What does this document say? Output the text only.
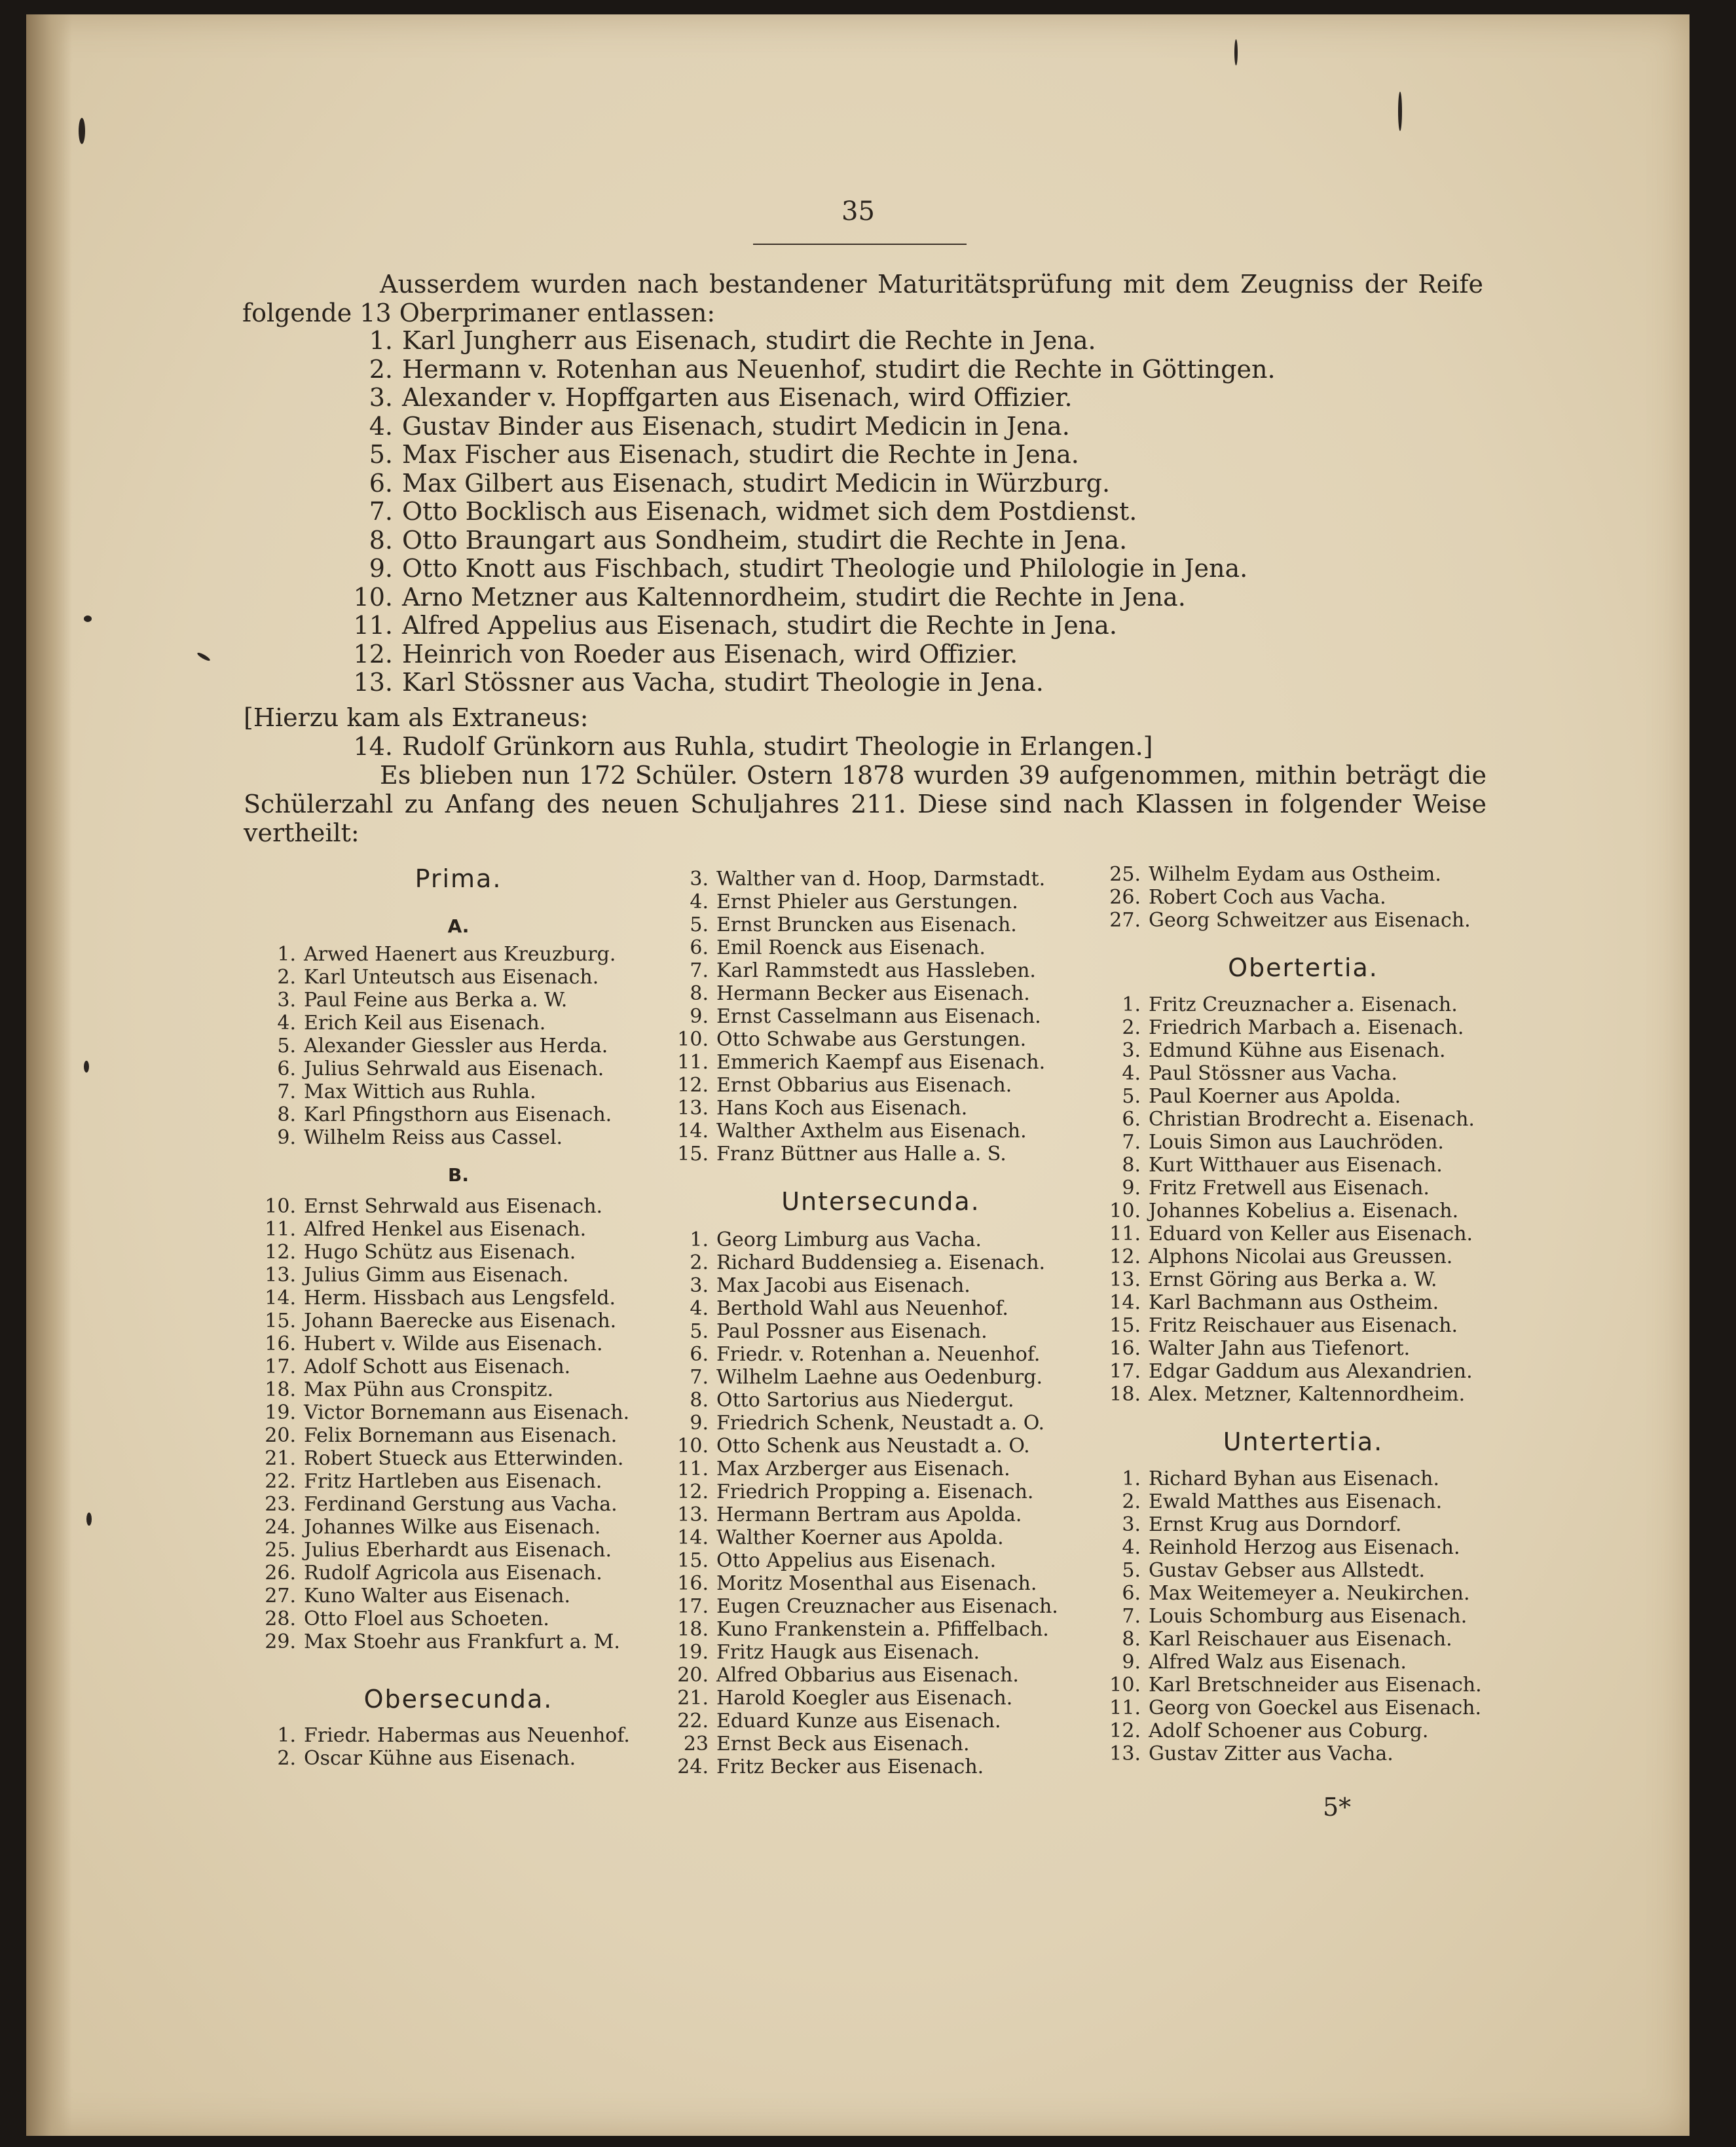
35
Ausserdem wurden nach bestandener Maturitätsprüfung mit dem Zeugniss der Reife
folgende 13 Oberprimaner entlassen:
1. Karl Jungherr aus Eisenach, studirt die Rechte in Jena.
2. Hermann v. Rotenhan aus Neuenhof, studirt die Rechte in Göttingen.
3. Alexander v. Hopffgarten aus Eisenach, wird Offizier.
4. Gustav Binder aus Eisenach, studirt Medicin in Jena.
5. Max Fischer aus Eisenach, studirt die Rechte in Jena.
6. Max Gilbert aus Eisenach, studirt Medicin in Würzburg.
7. Otto Bocklisch aus Eisenach, widmet sich dem Postdienst.
8. Otto Braungart aus Sondheim, studirt die Rechte in Jena.
9. Otto Knott aus Fischbach, studirt Theologie und Philologie in Jena.
10. Arno Metzner aus Kaltennordheim, studirt die Rechte in Jena.
11. Alfred Appelius aus Eisenach, studirt die Rechte in Jena.
12. Heinrich von Roeder aus Eisenach, wird Offizier.
13. Karl Stössner aus Vacha, studirt Theologie in Jena.
[Hierzu kam als Extraneus:
14. Rudolf Grünkorn aus Ruhla, studirt Theologie in Erlangen.]
Es blieben nun 172 Schüler. Ostern 1878 wurden 39 aufgenommen, mithin beträgt die
Schülerzahl zu Anfang des neuen Schuljahres 211. Diese sind nach Klassen in folgender Weise
vertheilt:
Prima.
A.
1. Arwed Haenert aus Kreuzburg.
2. Karl Unteutsch aus Eisenach.
3. Paul Feine aus Berka a. W.
4. Erich Keil aus Eisenach.
5. Alexander Giessler aus Herda.
6. Julius Sehrwald aus Eisenach.
7. Max Wittich aus Ruhla.
8. Karl Pfingsthorn aus Eisenach.
9. Wilhelm Reiss aus Cassel.
B.
10. Ernst Sehrwald aus Eisenach.
11. Alfred Henkel aus Eisenach.
12. Hugo Schütz aus Eisenach.
13. Julius Gimm aus Eisenach.
14. Herm. Hissbach aus Lengsfeld.
15. Johann Baerecke aus Eisenach.
16. Hubert v. Wilde aus Eisenach.
17. Adolf Schott aus Eisenach.
18. Max Pühn aus Cronspitz.
19. Victor Bornemann aus Eisenach.
20. Felix Bornemann aus Eisenach.
21. Robert Stueck aus Etterwinden.
22. Fritz Hartleben aus Eisenach.
23. Ferdinand Gerstung aus Vacha.
24. Johannes Wilke aus Eisenach.
25. Julius Eberhardt aus Eisenach.
26. Rudolf Agricola aus Eisenach.
27. Kuno Walter aus Eisenach.
28. Otto Floel aus Schoeten.
29. Max Stoehr aus Frankfurt a. M.
Obersecunda.
1. Friedr. Habermas aus Neuenhof.
2. Oscar Kühne aus Eisenach.
3. Walther van d. Hoop, Darmstadt.
4. Ernst Phieler aus Gerstungen.
5. Ernst Bruncken aus Eisenach.
6. Emil Roenck aus Eisenach.
7. Karl Rammstedt aus Hassleben.
8. Hermann Becker aus Eisenach.
9. Ernst Casselmann aus Eisenach.
10. Otto Schwabe aus Gerstungen.
11. Emmerich Kaempf aus Eisenach.
12. Ernst Obbarius aus Eisenach.
13. Hans Koch aus Eisenach.
14. Walther Axthelm aus Eisenach.
15. Franz Büttner aus Halle a. S.
Untersecunda.
1. Georg Limburg aus Vacha.
2. Richard Buddensieg a. Eisenach.
3. Max Jacobi aus Eisenach.
4. Berthold Wahl aus Neuenhof.
5. Paul Possner aus Eisenach.
6. Friedr. v. Rotenhan a. Neuenhof.
7. Wilhelm Laehne aus Oedenburg.
8. Otto Sartorius aus Niedergut.
9. Friedrich Schenk, Neustadt a. O.
10. Otto Schenk aus Neustadt a. O.
11. Max Arzberger aus Eisenach.
12. Friedrich Propping a. Eisenach.
13. Hermann Bertram aus Apolda.
14. Walther Koerner aus Apolda.
15. Otto Appelius aus Eisenach.
16. Moritz Mosenthal aus Eisenach.
17. Eugen Creuznacher aus Eisenach.
18. Kuno Frankenstein a. Pfiffelbach.
19. Fritz Haugk aus Eisenach.
20. Alfred Obbarius aus Eisenach.
21. Harold Koegler aus Eisenach.
22. Eduard Kunze aus Eisenach.
23 Ernst Beck aus Eisenach.
24. Fritz Becker aus Eisenach.
25. Wilhelm Eydam aus Ostheim.
26. Robert Coch aus Vacha.
27. Georg Schweitzer aus Eisenach.
Obertertia.
1. Fritz Creuznacher a. Eisenach.
2. Friedrich Marbach a. Eisenach.
3. Edmund Kühne aus Eisenach.
4. Paul Stössner aus Vacha.
5. Paul Koerner aus Apolda.
6. Christian Brodrecht a. Eisenach.
7. Louis Simon aus Lauchröden.
8. Kurt Witthauer aus Eisenach.
9. Fritz Fretwell aus Eisenach.
10. Johannes Kobelius a. Eisenach.
11. Eduard von Keller aus Eisenach.
12. Alphons Nicolai aus Greussen.
13. Ernst Göring aus Berka a. W.
14. Karl Bachmann aus Ostheim.
15. Fritz Reischauer aus Eisenach.
16. Walter Jahn aus Tiefenort.
17. Edgar Gaddum aus Alexandrien.
18. Alex. Metzner, Kaltennordheim.
Untertertia.
1. Richard Byhan aus Eisenach.
2. Ewald Matthes aus Eisenach.
3. Ernst Krug aus Dorndorf.
4. Reinhold Herzog aus Eisenach.
5. Gustav Gebser aus Allstedt.
6. Max Weitemeyer a. Neukirchen.
7. Louis Schomburg aus Eisenach.
8. Karl Reischauer aus Eisenach.
9. Alfred Walz aus Eisenach.
10. Karl Bretschneider aus Eisenach.
11. Georg von Goeckel aus Eisenach.
12. Adolf Schoener aus Coburg.
13. Gustav Zitter aus Vacha.
5*
